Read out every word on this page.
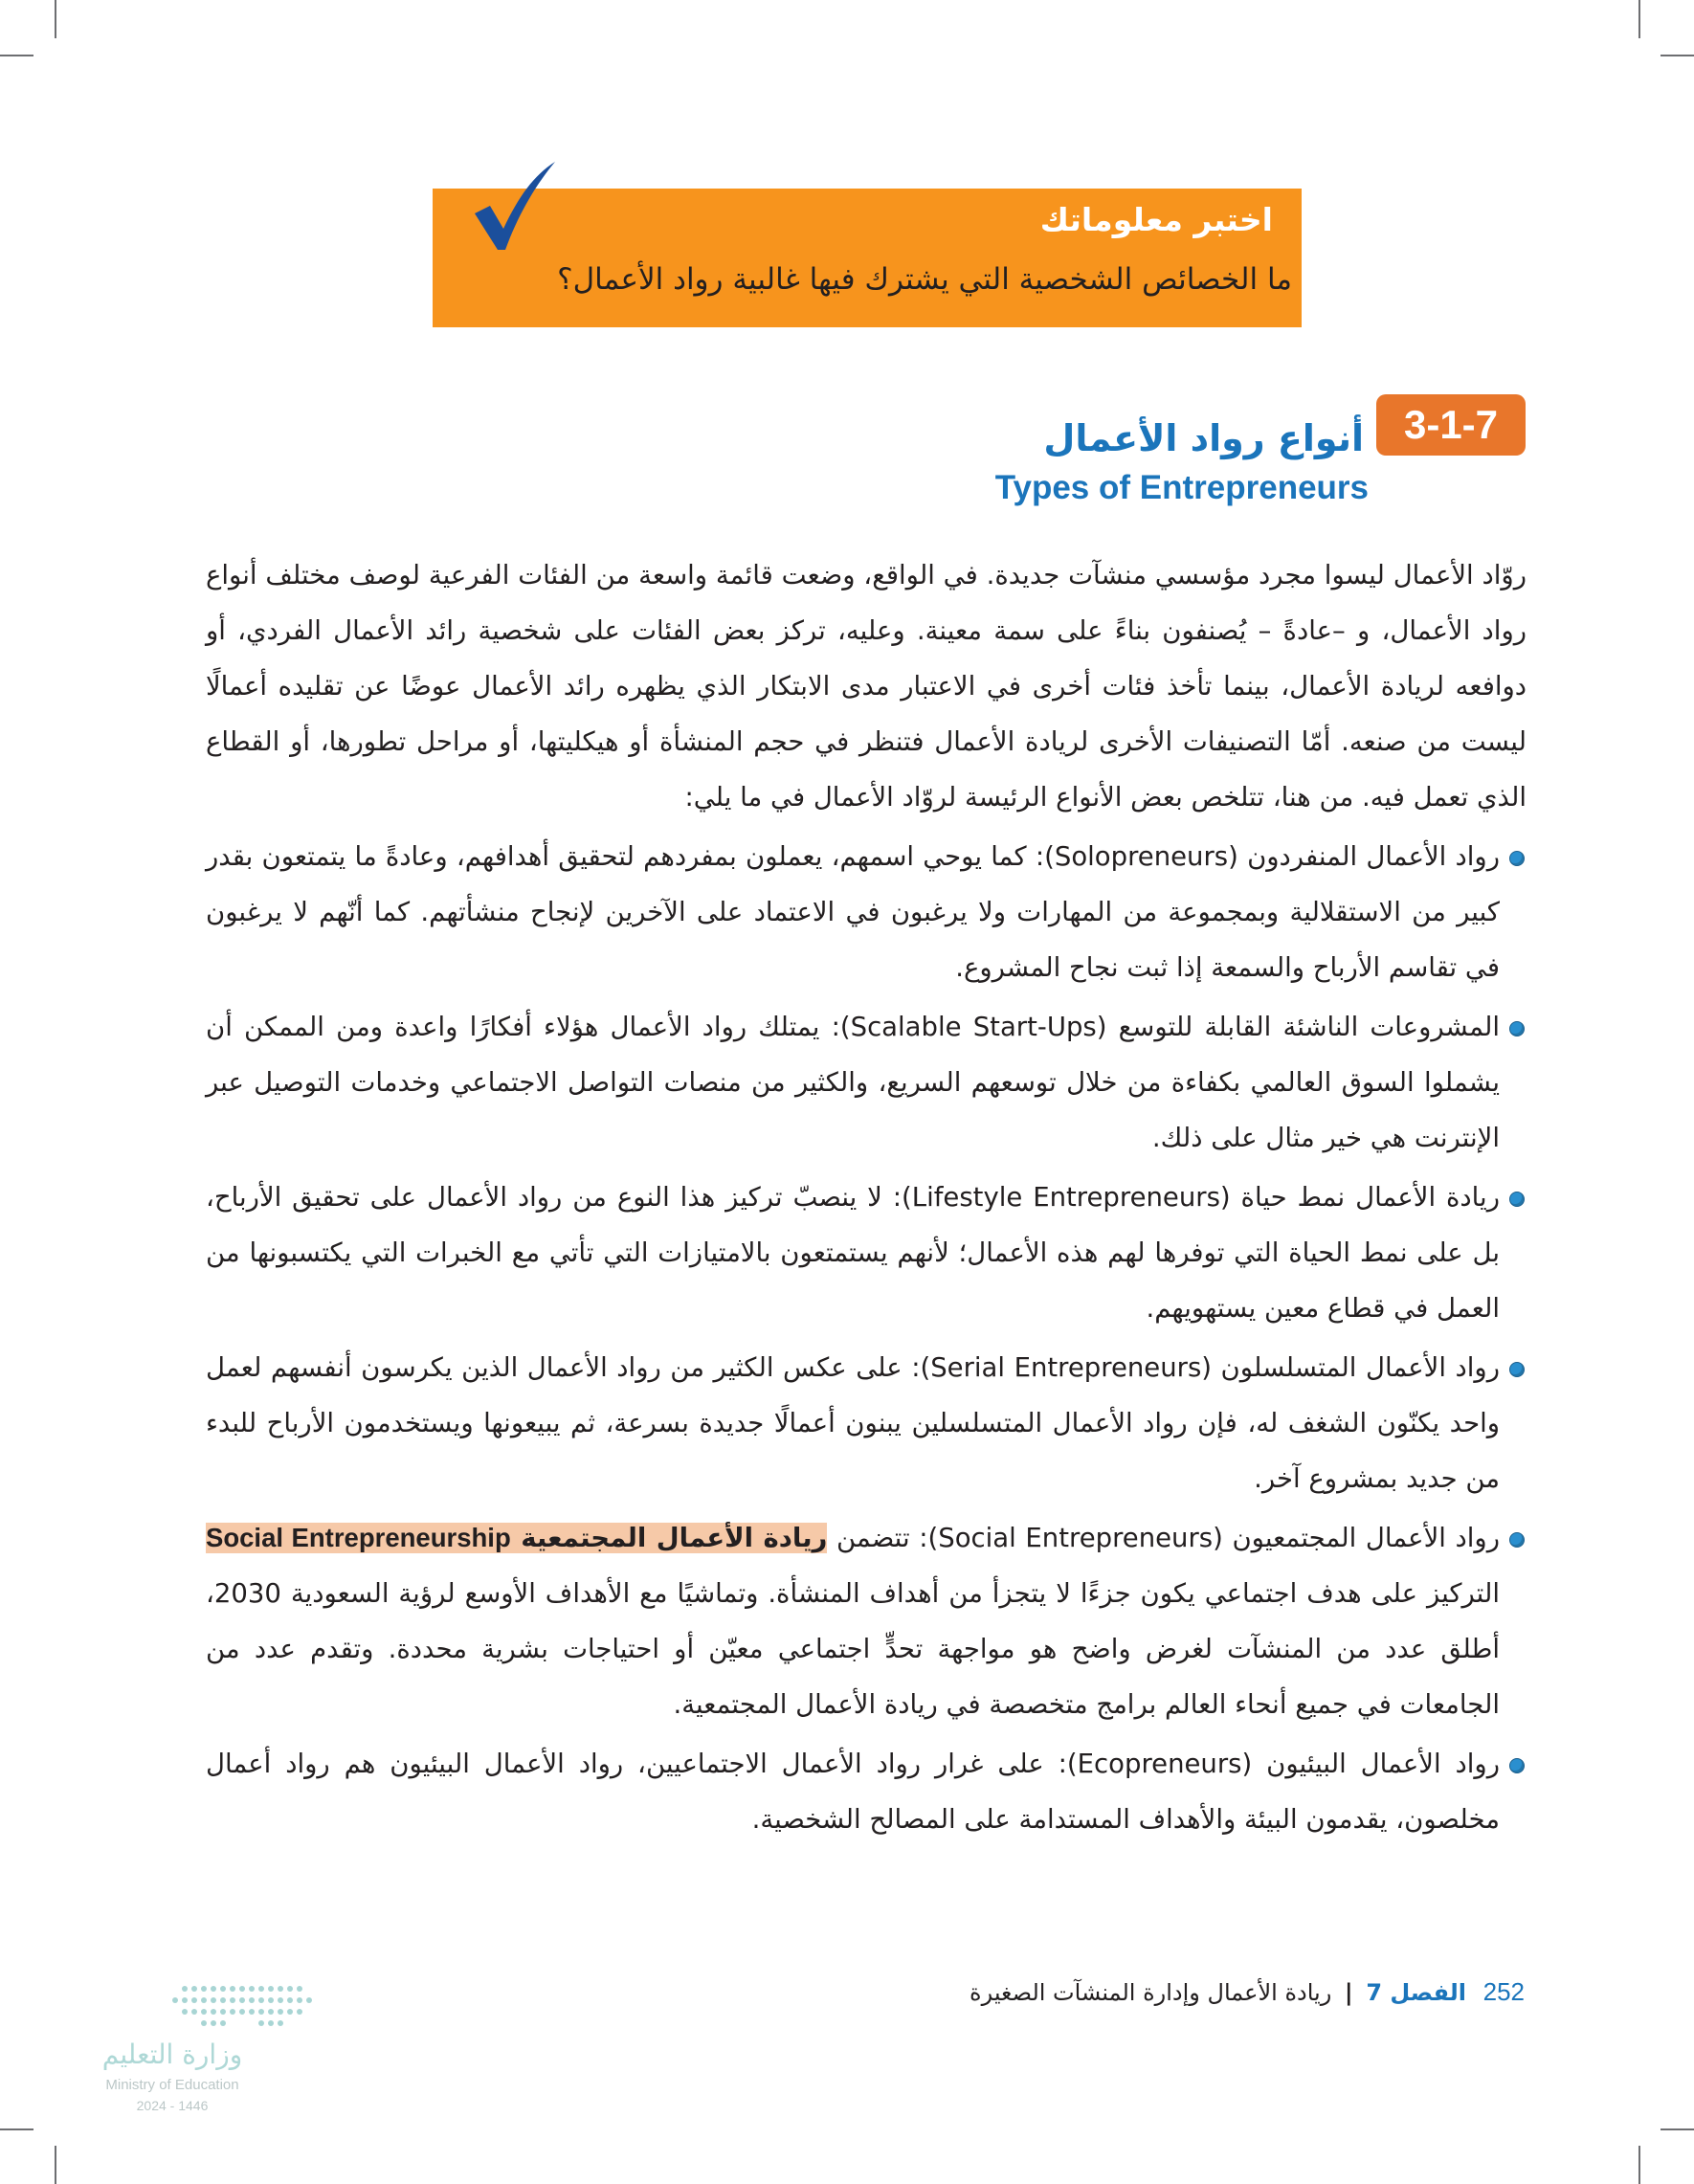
اختبر معلوماتك
ما الخصائص الشخصية التي يشترك فيها غالبية رواد الأعمال؟
3-1-7
أنواع رواد الأعمال
Types of Entrepreneurs

روّاد الأعمال ليسوا مجرد مؤسسي منشآت جديدة. في الواقع، وضعت قائمة واسعة من الفئات الفرعية لوصف مختلف أنواع رواد الأعمال، و –عادةً – يُصنفون بناءً على سمة معينة. وعليه، تركز بعض الفئات على شخصية رائد الأعمال الفردي، أو دوافعه لريادة الأعمال، بينما تأخذ فئات أخرى في الاعتبار مدى الابتكار الذي يظهره رائد الأعمال عوضًا عن تقليده أعمالًا ليست من صنعه. أمّا التصنيفات الأخرى لريادة الأعمال فتنظر في حجم المنشأة أو هيكليتها، أو مراحل تطورها، أو القطاع الذي تعمل فيه. من هنا، تتلخص بعض الأنواع الرئيسة لروّاد الأعمال في ما يلي:

رواد الأعمال المنفردون (Solopreneurs): كما يوحي اسمهم، يعملون بمفردهم لتحقيق أهدافهم، وعادةً ما يتمتعون بقدر كبير من الاستقلالية وبمجموعة من المهارات ولا يرغبون في الاعتماد على الآخرين لإنجاح منشأتهم. كما أنّهم لا يرغبون في تقاسم الأرباح والسمعة إذا ثبت نجاح المشروع.
المشروعات الناشئة القابلة للتوسع (Scalable Start-Ups): يمتلك رواد الأعمال هؤلاء أفكارًا واعدة ومن الممكن أن يشملوا السوق العالمي بكفاءة من خلال توسعهم السريع، والكثير من منصات التواصل الاجتماعي وخدمات التوصيل عبر الإنترنت هي خير مثال على ذلك.
ريادة الأعمال نمط حياة (Lifestyle Entrepreneurs): لا ينصبّ تركيز هذا النوع من رواد الأعمال على تحقيق الأرباح، بل على نمط الحياة التي توفرها لهم هذه الأعمال؛ لأنهم يستمتعون بالامتيازات التي تأتي مع الخبرات التي يكتسبونها من العمل في قطاع معين يستهويهم.
رواد الأعمال المتسلسلون (Serial Entrepreneurs): على عكس الكثير من رواد الأعمال الذين يكرسون أنفسهم لعمل واحد يكنّون الشغف له، فإن رواد الأعمال المتسلسلين يبنون أعمالًا جديدة بسرعة، ثم يبيعونها ويستخدمون الأرباح للبدء من جديد بمشروع آخر.
رواد الأعمال المجتمعيون (Social Entrepreneurs): تتضمن ريادة الأعمال المجتمعية Social Entrepreneurship التركيز على هدف اجتماعي يكون جزءًا لا يتجزأ من أهداف المنشأة. وتماشيًا مع الأهداف الأوسع لرؤية السعودية 2030، أطلق عدد من المنشآت لغرض واضح هو مواجهة تحدٍّ اجتماعي معيّن أو احتياجات بشرية محددة. وتقدم عدد من الجامعات في جميع أنحاء العالم برامج متخصصة في ريادة الأعمال المجتمعية.
رواد الأعمال البيئيون (Ecopreneurs): على غرار رواد الأعمال الاجتماعيين، رواد الأعمال البيئيون هم رواد أعمال مخلصون، يقدمون البيئة والأهداف المستدامة على المصالح الشخصية.
252 الفصل 7 | ريادة الأعمال وإدارة المنشآت الصغيرة
وزارة التعليم
Ministry of Education
2024 - 1446
